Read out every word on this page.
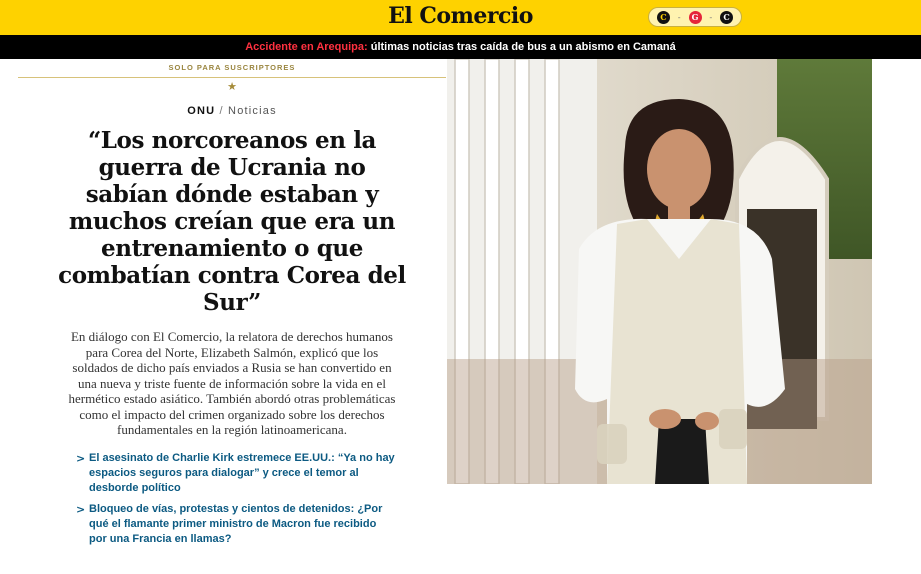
El Comercio	C	-	G	-	C
Accidente en Arequipa: últimas noticias tras caída de bus a un abismo en Camaná
SOLO PARA SUSCRIPTORES
★
ONU / Noticias
“Los norcoreanos en la guerra de Ucrania no sabían dónde estaban y muchos creían que era un entrenamiento o que combatían contra Corea del Sur”
En diálogo con El Comercio, la relatora de derechos humanos para Corea del Norte, Elizabeth Salmón, explicó que los soldados de dicho país enviados a Rusia se han convertido en una nueva y triste fuente de información sobre la vida en el hermético estado asiático. También abordó otras problemáticas como el impacto del crimen organizado sobre los derechos fundamentales en la región latinoamericana.
> El asesinato de Charlie Kirk estremece EE.UU.: “Ya no hay espacios seguros para dialogar” y crece el temor al desborde político
> Bloqueo de vías, protestas y cientos de detenidos: ¿Por qué el flamante primer ministro de Macron fue recibido por una Francia en llamas?
